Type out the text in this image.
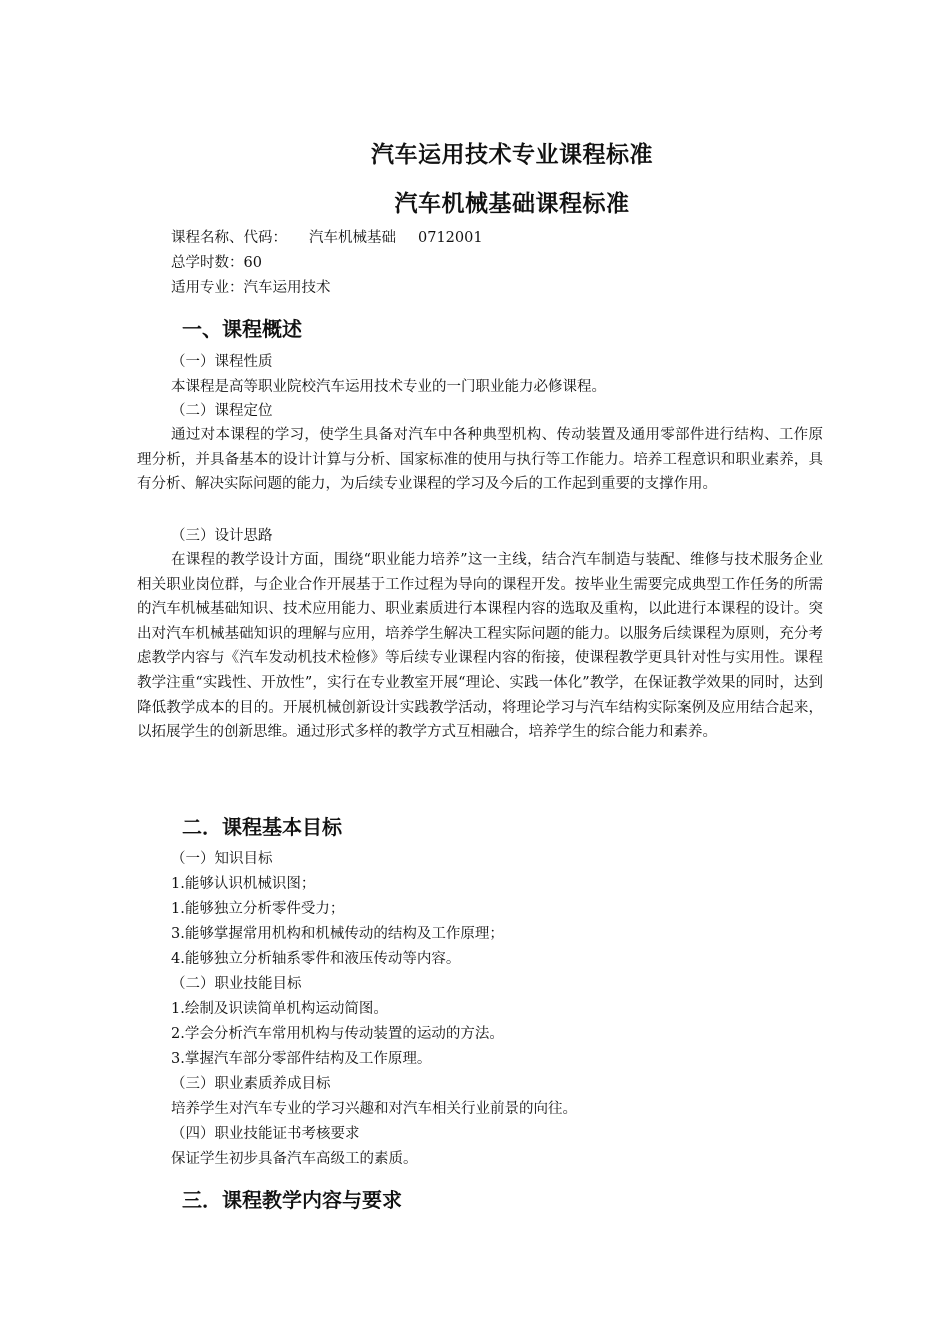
汽车运用技术专业课程标准
汽车机械基础课程标准
课程名称、代码： 汽车机械基础 0712001
总学时数：60
适用专业：汽车运用技术
一、课程概述
（一）课程性质
本课程是高等职业院校汽车运用技术专业的一门职业能力必修课程。
（二）课程定位

通过对本课程的学习，使学生具备对汽车中各种典型机构、传动装置及通用零部件进行结构、工作原理分析，并具备基本的设计计算与分析、国家标准的使用与执行等工作能力。培养工程意识和职业素养，具有分析、解决实际问题的能力，为后续专业课程的学习及今后的工作起到重要的支撑作用。

（三）设计思路

在课程的教学设计方面，围绕“职业能力培养”这一主线，结合汽车制造与装配、维修与技术服务企业相关职业岗位群，与企业合作开展基于工作过程为导向的课程开发。按毕业生需要完成典型工作任务的所需的汽车机械基础知识、技术应用能力、职业素质进行本课程内容的选取及重构，以此进行本课程的设计。突出对汽车机械基础知识的理解与应用，培养学生解决工程实际问题的能力。以服务后续课程为原则，充分考虑教学内容与《汽车发动机技术检修》等后续专业课程内容的衔接，使课程教学更具针对性与实用性。课程教学注重“实践性、开放性”，实行在专业教室开展“理论、实践一体化”教学，在保证教学效果的同时，达到降低教学成本的目的。开展机械创新设计实践教学活动，将理论学习与汽车结构实际案例及应用结合起来，以拓展学生的创新思维。通过形式多样的教学方式互相融合，培养学生的综合能力和素养。

二．课程基本目标
（一）知识目标
1.能够认识机械识图；
1.能够独立分析零件受力；
3.能够掌握常用机构和机械传动的结构及工作原理；
4.能够独立分析轴系零件和液压传动等内容。
（二）职业技能目标
1.绘制及识读简单机构运动简图。
2.学会分析汽车常用机构与传动装置的运动的方法。
3.掌握汽车部分零部件结构及工作原理。
（三）职业素质养成目标
培养学生对汽车专业的学习兴趣和对汽车相关行业前景的向往。
（四）职业技能证书考核要求
保证学生初步具备汽车高级工的素质。
三．课程教学内容与要求
